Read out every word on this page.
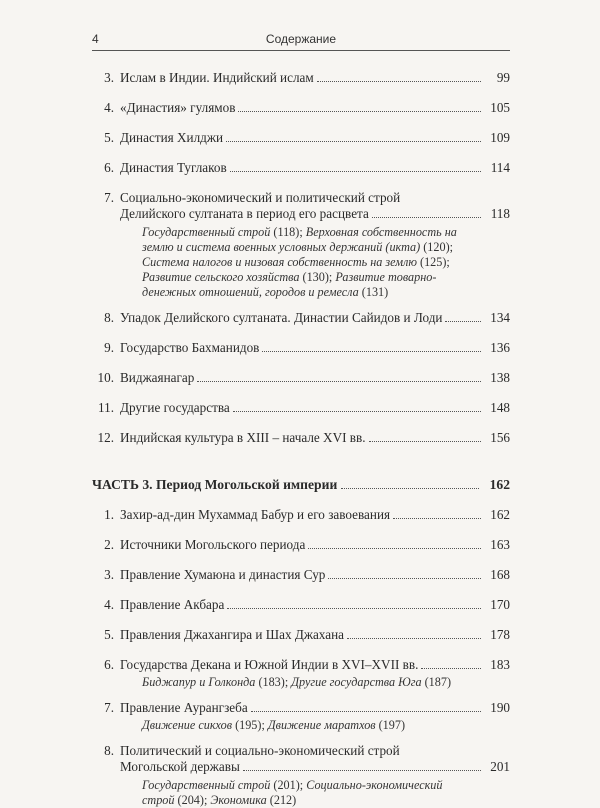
4	Содержание
3. Ислам в Индии. Индийский ислам	99
4. «Династия» гулямов	105
5. Династия Хилджи	109
6. Династия Туглаков	114
7. Социально-экономический и политический строй
Делийского султаната в период его расцвета	118
Государственный строй (118); Верховная собственность на землю и система военных условных держаний (икта) (120); Система налогов и низовая собственность на землю (125); Развитие сельского хозяйства (130); Развитие товарно-денежных отношений, городов и ремесла (131)
8. Упадок Делийского султаната. Династии Сайидов и Лоди	134
9. Государство Бахманидов	136
10. Виджаянагар	138
11. Другие государства	148
12. Индийская культура в XIII – начале XVI вв.	156
ЧАСТЬ 3. Период Могольской империи	162
1. Захир-ад-дин Мухаммад Бабур и его завоевания	162
2. Источники Могольского периода	163
3. Правление Хумаюна и династия Сур	168
4. Правление Акбара	170
5. Правления Джахангира и Шах Джахана	178
6. Государства Декана и Южной Индии в XVI–XVII вв.	183
Биджапур и Голконда (183); Другие государства Юга (187)
7. Правление Аурангзеба	190
Движение сикхов (195); Движение маратхов (197)
8. Политический и социально-экономический строй
Могольской державы	201
Государственный строй (201); Социально-экономический строй (204); Экономика (212)
